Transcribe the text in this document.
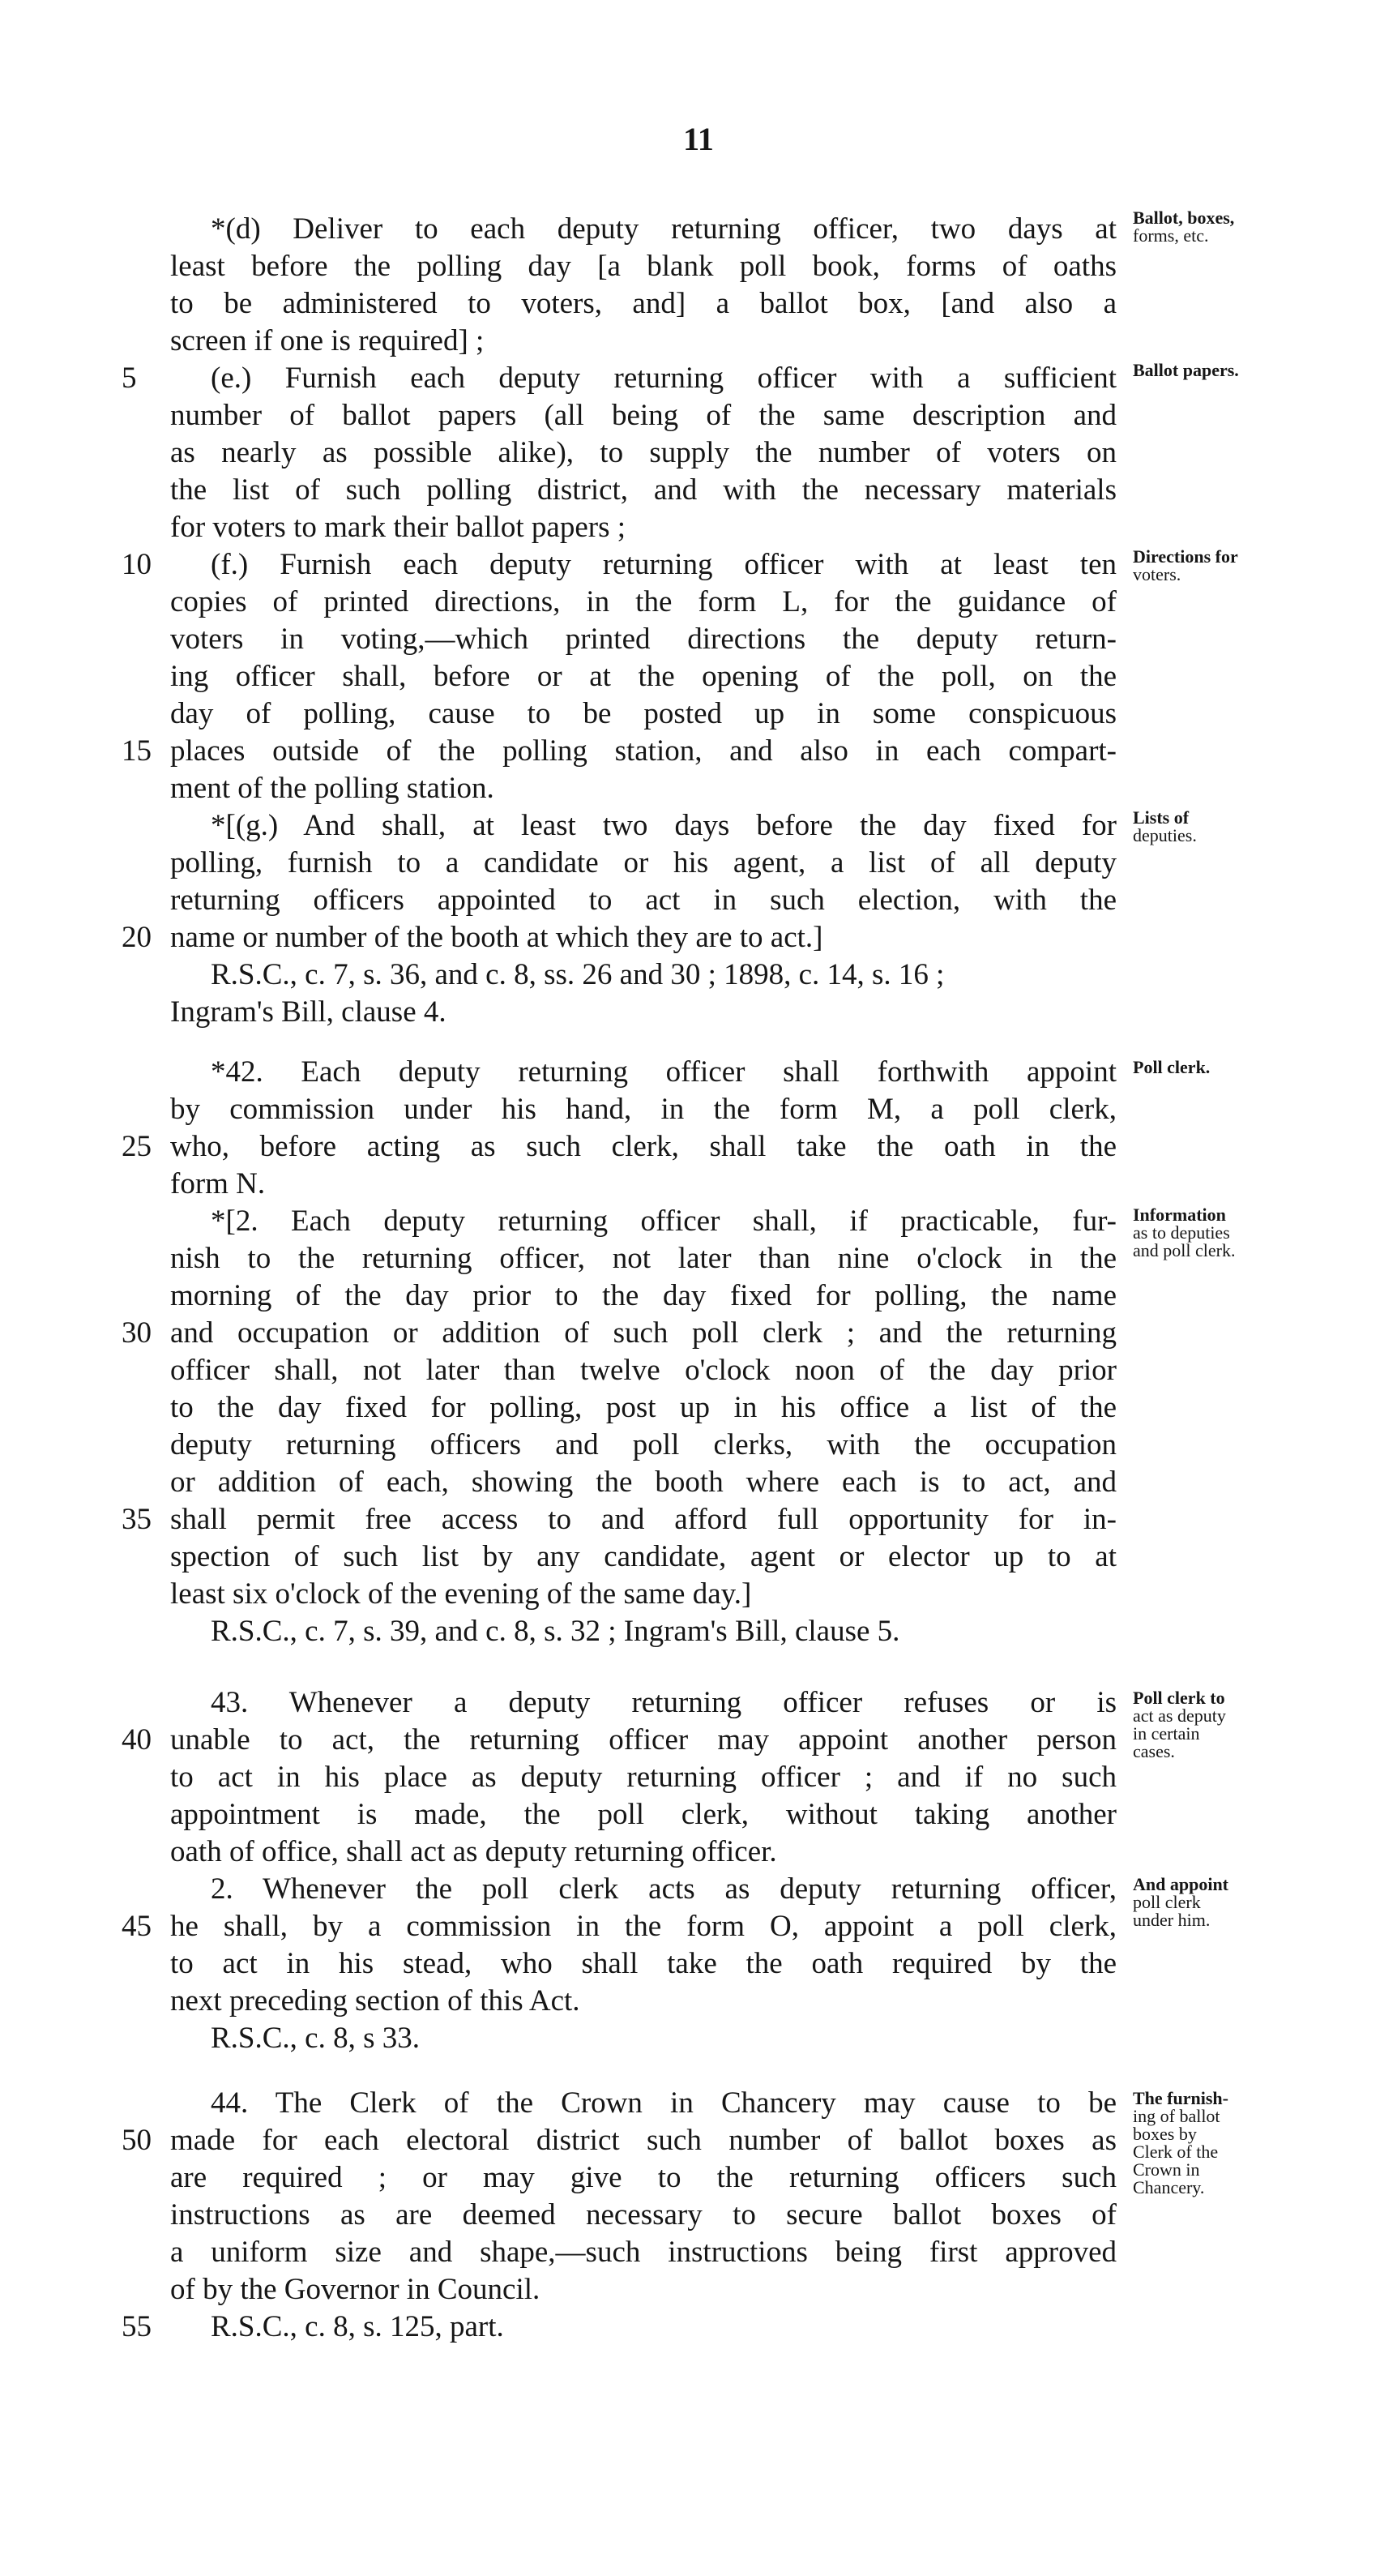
11
*(d) Deliver to each deputy returning officer, two days at
least before the polling day [a blank poll book, forms of oaths
to be administered to voters, and] a ballot box, [and also a
screen if one is required] ;
(e.) Furnish each deputy returning officer with a sufficient
number of ballot papers (all being of the same description and
as nearly as possible alike), to supply the number of voters on
the list of such polling district, and with the necessary materials
for voters to mark their ballot papers ;
(f.) Furnish each deputy returning officer with at least ten
copies of printed directions, in the form L, for the guidance of
voters in voting,—which printed directions the deputy return-
ing officer shall, before or at the opening of the poll, on the
day of polling, cause to be posted up in some conspicuous
places outside of the polling station, and also in each compart-
ment of the polling station.
*[(g.) And shall, at least two days before the day fixed for
polling, furnish to a candidate or his agent, a list of all deputy
returning officers appointed to act in such election, with the
name or number of the booth at which they are to act.]
R.S.C., c. 7, s. 36, and c. 8, ss. 26 and 30 ; 1898, c. 14, s. 16 ;
Ingram's Bill, clause 4.
*42. Each deputy returning officer shall forthwith appoint
by commission under his hand, in the form M, a poll clerk,
who, before acting as such clerk, shall take the oath in the
form N.
*[2. Each deputy returning officer shall, if practicable, fur-
nish to the returning officer, not later than nine o'clock in the
morning of the day prior to the day fixed for polling, the name
and occupation or addition of such poll clerk ; and the returning
officer shall, not later than twelve o'clock noon of the day prior
to the day fixed for polling, post up in his office a list of the
deputy returning officers and poll clerks, with the occupation
or addition of each, showing the booth where each is to act, and
shall permit free access to and afford full opportunity for in-
spection of such list by any candidate, agent or elector up to at
least six o'clock of the evening of the same day.]
R.S.C., c. 7, s. 39, and c. 8, s. 32 ; Ingram's Bill, clause 5.
43. Whenever a deputy returning officer refuses or is
unable to act, the returning officer may appoint another person
to act in his place as deputy returning officer ; and if no such
appointment is made, the poll clerk, without taking another
oath of office, shall act as deputy returning officer.
2. Whenever the poll clerk acts as deputy returning officer,
he shall, by a commission in the form O, appoint a poll clerk,
to act in his stead, who shall take the oath required by the
next preceding section of this Act.
R.S.C., c. 8, s 33.
44. The Clerk of the Crown in Chancery may cause to be
made for each electoral district such number of ballot boxes as
are required ; or may give to the returning officers such
instructions as are deemed necessary to secure ballot boxes of
a uniform size and shape,—such instructions being first approved
of by the Governor in Council.
R.S.C., c. 8, s. 125, part.
5
10
15
20
25
30
35
40
45
50
55
Ballot, boxes,
forms, etc.
Ballot papers.
Directions for
voters.
Lists of
deputies.
Poll clerk.
Information
as to deputies
and poll clerk.
Poll clerk to
act as deputy
in certain
cases.
And appoint
poll clerk
under him.
The furnish-
ing of ballot
boxes by
Clerk of the
Crown in
Chancery.
